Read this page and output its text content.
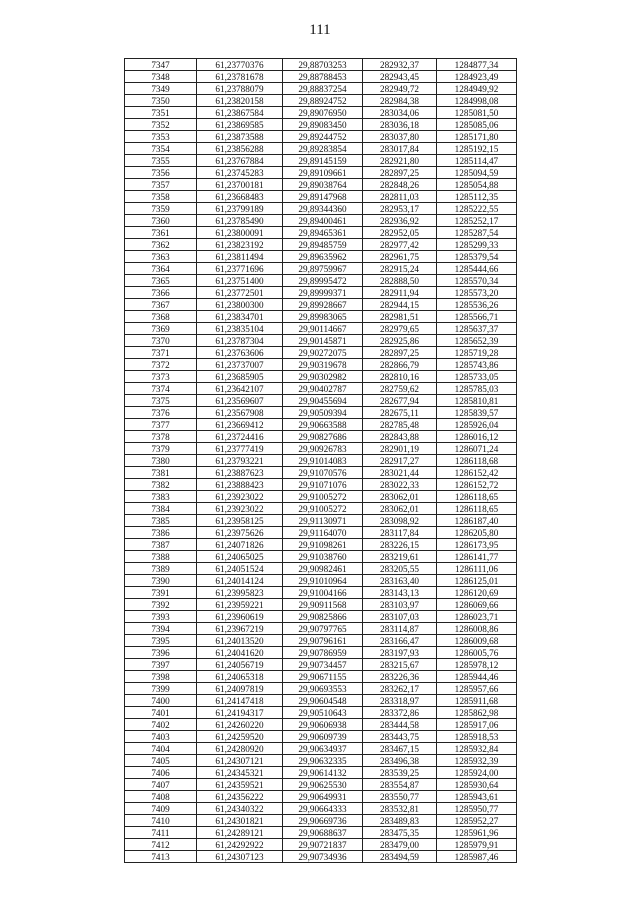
111
7347	61,23770376	29,88703253	282932,37	1284877,34
7348	61,23781678	29,88788453	282943,45	1284923,49
7349	61,23788079	29,88837254	282949,72	1284949,92
7350	61,23820158	29,88924752	282984,38	1284998,08
7351	61,23867584	29,89076950	283034,06	1285081,50
7352	61,23869585	29,89083450	283036,18	1285085,06
7353	61,23873588	29,89244752	283037,80	1285171,80
7354	61,23856288	29,89283854	283017,84	1285192,15
7355	61,23767884	29,89145159	282921,80	1285114,47
7356	61,23745283	29,89109661	282897,25	1285094,59
7357	61,23700181	29,89038764	282848,26	1285054,88
7358	61,23668483	29,89147968	282811,03	1285112,35
7359	61,23799189	29,89344360	282953,17	1285222,55
7360	61,23785490	29,89400461	282936,92	1285252,17
7361	61,23800091	29,89465361	282952,05	1285287,54
7362	61,23823192	29,89485759	282977,42	1285299,33
7363	61,23811494	29,89635962	282961,75	1285379,54
7364	61,23771696	29,89759967	282915,24	1285444,66
7365	61,23751400	29,89995472	282888,50	1285570,34
7366	61,23772501	29,89999371	282911,94	1285573,20
7367	61,23800300	29,89928667	282944,15	1285536,26
7368	61,23834701	29,89983065	282981,51	1285566,71
7369	61,23835104	29,90114667	282979,65	1285637,37
7370	61,23787304	29,90145871	282925,86	1285652,39
7371	61,23763606	29,90272075	282897,25	1285719,28
7372	61,23737007	29,90319678	282866,79	1285743,86
7373	61,23685905	29,90302982	282810,16	1285733,05
7374	61,23642107	29,90402787	282759,62	1285785,03
7375	61,23569607	29,90455694	282677,94	1285810,81
7376	61,23567908	29,90509394	282675,11	1285839,57
7377	61,23669412	29,90663588	282785,48	1285926,04
7378	61,23724416	29,90827686	282843,88	1286016,12
7379	61,23777419	29,90926783	282901,19	1286071,24
7380	61,23793221	29,91014083	282917,27	1286118,68
7381	61,23887623	29,91070576	283021,44	1286152,42
7382	61,23888423	29,91071076	283022,33	1286152,72
7383	61,23923022	29,91005272	283062,01	1286118,65
7384	61,23923022	29,91005272	283062,01	1286118,65
7385	61,23958125	29,91130971	283098,92	1286187,40
7386	61,23975626	29,91164070	283117,84	1286205,80
7387	61,24071826	29,91098261	283226,15	1286173,95
7388	61,24065025	29,91038760	283219,61	1286141,77
7389	61,24051524	29,90982461	283205,55	1286111,06
7390	61,24014124	29,91010964	283163,40	1286125,01
7391	61,23995823	29,91004166	283143,13	1286120,69
7392	61,23959221	29,90911568	283103,97	1286069,66
7393	61,23960619	29,90825866	283107,03	1286023,71
7394	61,23967219	29,90797765	283114,87	1286008,86
7395	61,24013520	29,90796161	283166,47	1286009,68
7396	61,24041620	29,90786959	283197,93	1286005,76
7397	61,24056719	29,90734457	283215,67	1285978,12
7398	61,24065318	29,90671155	283226,36	1285944,46
7399	61,24097819	29,90693553	283262,17	1285957,66
7400	61,24147418	29,90604548	283318,97	1285911,68
7401	61,24194317	29,90510643	283372,86	1285862,98
7402	61,24260220	29,90606938	283444,58	1285917,06
7403	61,24259520	29,90609739	283443,75	1285918,53
7404	61,24280920	29,90634937	283467,15	1285932,84
7405	61,24307121	29,90632335	283496,38	1285932,39
7406	61,24345321	29,90614132	283539,25	1285924,00
7407	61,24359521	29,90625530	283554,87	1285930,64
7408	61,24356222	29,90649931	283550,77	1285943,61
7409	61,24340322	29,90664333	283532,81	1285950,77
7410	61,24301821	29,90669736	283489,83	1285952,27
7411	61,24289121	29,90688637	283475,35	1285961,96
7412	61,24292922	29,90721837	283479,00	1285979,91
7413	61,24307123	29,90734936	283494,59	1285987,46
